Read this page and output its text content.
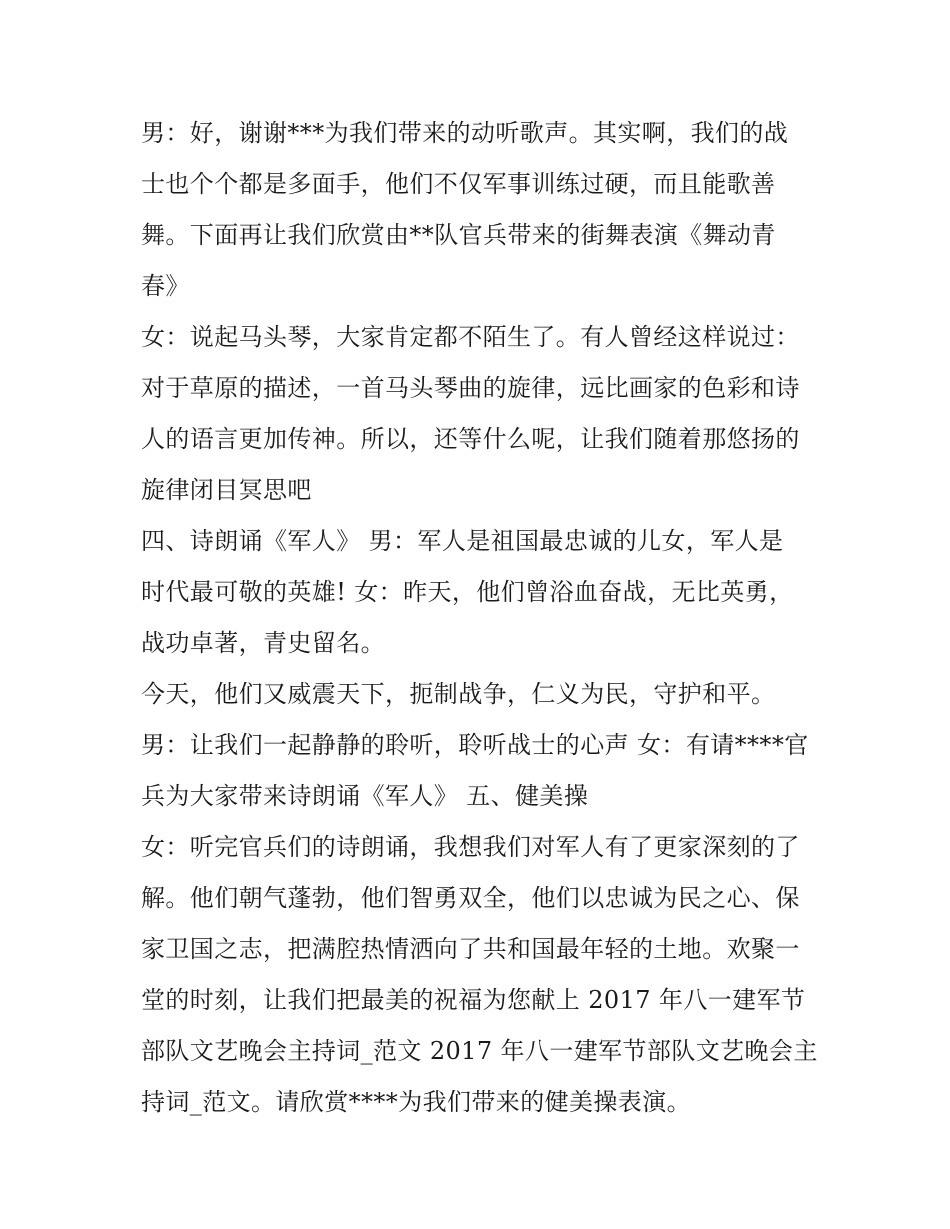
男：好，谢谢***为我们带来的动听歌声。其实啊，我们的战

士也个个都是多面手，他们不仅军事训练过硬，而且能歌善

舞。下面再让我们欣赏由**队官兵带来的街舞表演《舞动青

春》

女：说起马头琴，大家肯定都不陌生了。有人曾经这样说过：

对于草原的描述，一首马头琴曲的旋律，远比画家的色彩和诗

人的语言更加传神。所以，还等什么呢，让我们随着那悠扬的

旋律闭目冥思吧

四、诗朗诵《军人》 男：军人是祖国最忠诚的儿女，军人是

时代最可敬的英雄! 女：昨天，他们曾浴血奋战，无比英勇，

战功卓著，青史留名。

今天，他们又威震天下，扼制战争，仁义为民，守护和平。

男：让我们一起静静的聆听，聆听战士的心声 女：有请****官

兵为大家带来诗朗诵《军人》 五、健美操

女：听完官兵们的诗朗诵，我想我们对军人有了更家深刻的了

解。他们朝气蓬勃，他们智勇双全，他们以忠诚为民之心、保

家卫国之志，把满腔热情洒向了共和国最年轻的土地。欢聚一

堂的时刻，让我们把最美的祝福为您献上 2017 年八一建军节

部队文艺晚会主持词_范文 2017 年八一建军节部队文艺晚会主

持词_范文。请欣赏****为我们带来的健美操表演。
